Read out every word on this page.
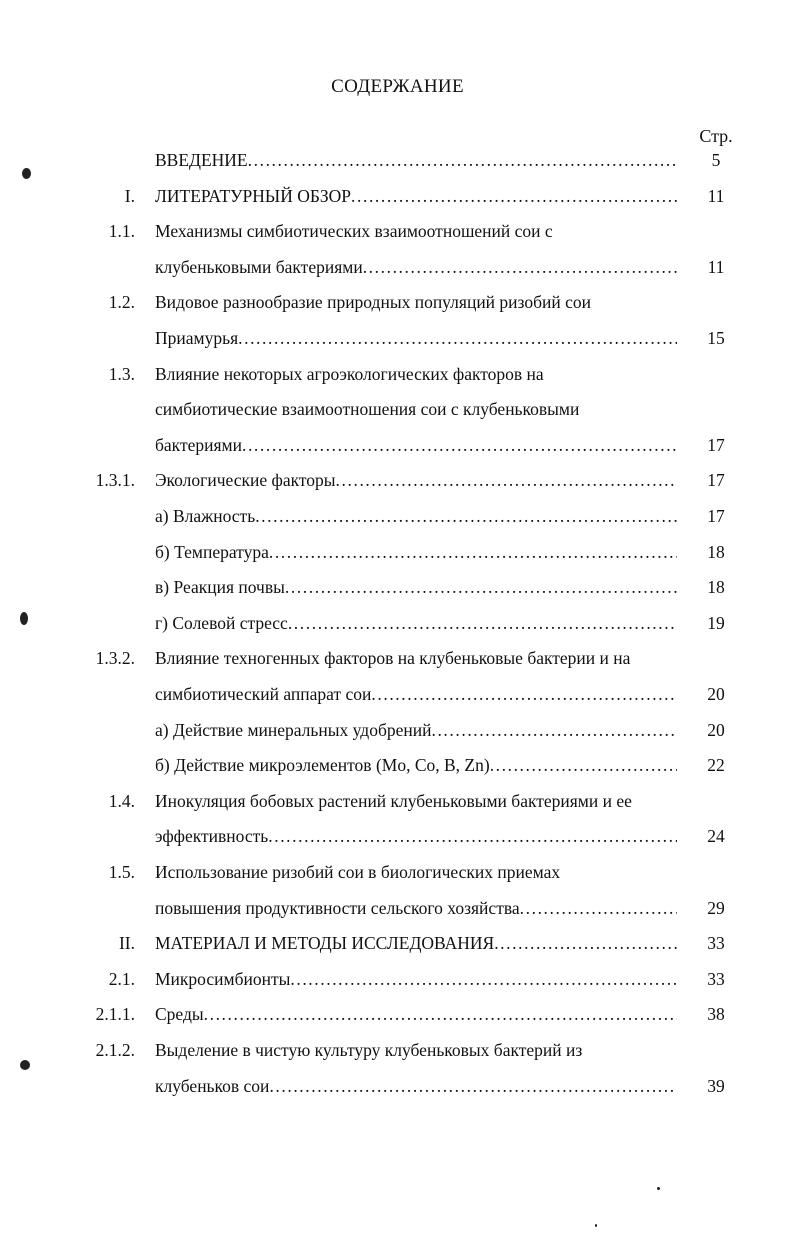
СОДЕРЖАНИЕ
Стр.
ВВЕДЕНИЕ .....	5
I. ЛИТЕРАТУРНЫЙ ОБЗОР .....	11
1.1. Механизмы симбиотических взаимоотношений сои с
клубеньковыми бактериями .....	11
1.2. Видовое разнообразие природных популяций ризобий сои
Приамурья .....	15
1.3. Влияние некоторых агроэкологических факторов на
симбиотические взаимоотношения сои с клубеньковыми
бактериями .....	17
1.3.1. Экологические факторы .....	17
а) Влажность .....	17
б) Температура .....	18
в) Реакция почвы .....	18
г) Солевой стресс .....	19
1.3.2. Влияние техногенных факторов на клубеньковые бактерии и на
симбиотический аппарат сои .....	20
а) Действие минеральных удобрений .....	20
б) Действие микроэлементов (Mo, Co, B, Zn) .....	22
1.4. Инокуляция бобовых растений клубеньковыми бактериями и ее
эффективность .....	24
1.5. Использование ризобий сои в биологических приемах
повышения продуктивности сельского хозяйства .....	29
II. МАТЕРИАЛ И МЕТОДЫ ИССЛЕДОВАНИЯ .....	33
2.1. Микросимбионты .....	33
2.1.1. Среды .....	38
2.1.2. Выделение в чистую культуру клубеньковых бактерий из
клубеньков сои .....	39
